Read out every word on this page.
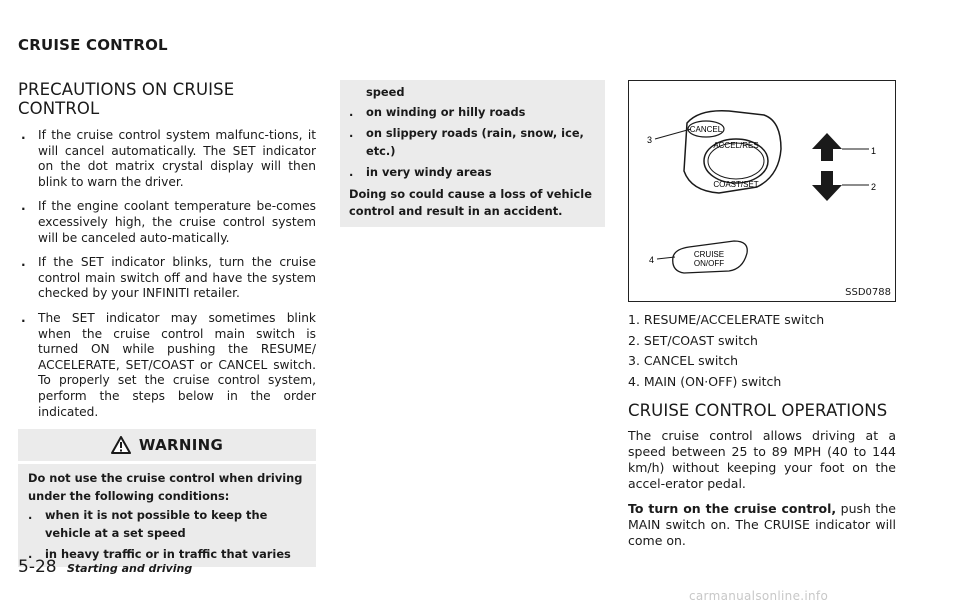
CRUISE CONTROL
PRECAUTIONS ON CRUISE CONTROL
. If the cruise control system malfunc-tions, it will cancel automatically. The SET indicator on the dot matrix crystal display will then blink to warn the driver.
. If the engine coolant temperature be-comes excessively high, the cruise control system will be canceled auto-matically.
. If the SET indicator blinks, turn the cruise control main switch off and have the system checked by your INFINITI retailer.
. The SET indicator may sometimes blink when the cruise control main switch is turned ON while pushing the RESUME/ ACCELERATE, SET/COAST or CANCEL switch. To properly set the cruise control system, perform the steps below in the order indicated.
WARNING
Do not use the cruise control when driving under the following conditions:
. when it is not possible to keep the vehicle at a set speed
. in heavy traffic or in traffic that varies
speed
. on winding or hilly roads
. on slippery roads (rain, snow, ice, etc.)
. in very windy areas
Doing so could cause a loss of vehicle control and result in an accident.
CANCEL
ACCEL/RES
COAST/SET
1
2
3
CRUISE
ON/OFF
4
SSD0788
1. RESUME/ACCELERATE switch
2. SET/COAST switch
3. CANCEL switch
4. MAIN (ON·OFF) switch
CRUISE CONTROL OPERATIONS

The cruise control allows driving at a speed between 25 to 89 MPH (40 to 144 km/h) without keeping your foot on the accel-erator pedal.

To turn on the cruise control, push the MAIN switch on. The CRUISE indicator will come on.

5-28 Starting and driving
carmanualsonline.info
